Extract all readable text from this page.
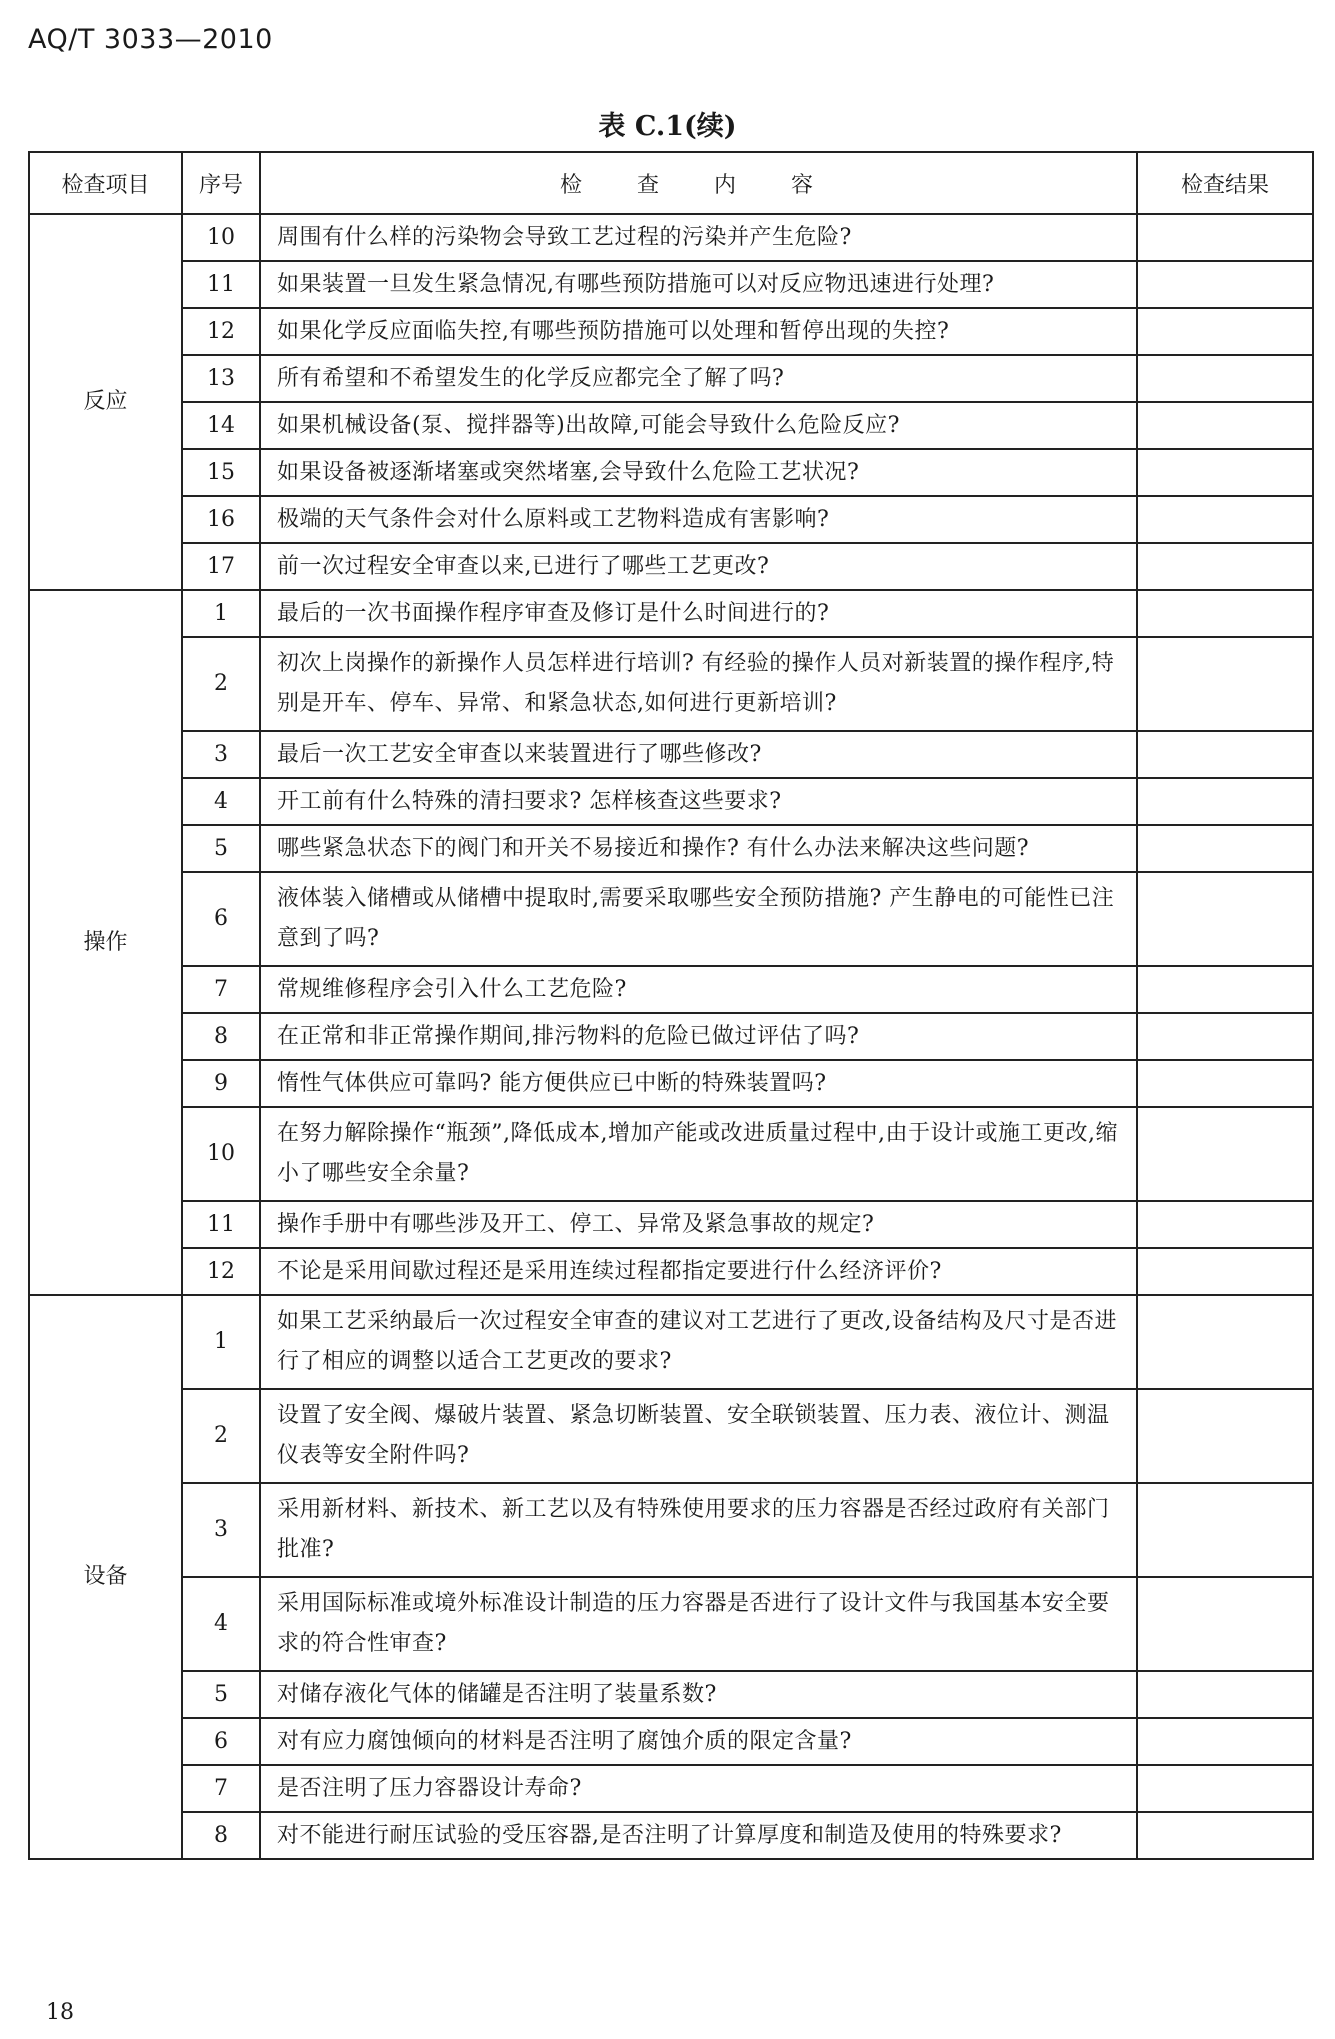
AQ/T 3033—2010
表 C.1(续)
检查项目	序号	检 查 内 容	检查结果
反应	10	周围有什么样的污染物会导致工艺过程的污染并产生危险?	
	11	如果装置一旦发生紧急情况,有哪些预防措施可以对反应物迅速进行处理?	
	12	如果化学反应面临失控,有哪些预防措施可以处理和暂停出现的失控?	
	13	所有希望和不希望发生的化学反应都完全了解了吗?	
	14	如果机械设备(泵、搅拌器等)出故障,可能会导致什么危险反应?	
	15	如果设备被逐渐堵塞或突然堵塞,会导致什么危险工艺状况?	
	16	极端的天气条件会对什么原料或工艺物料造成有害影响?	
	17	前一次过程安全审查以来,已进行了哪些工艺更改?	
操作	1	最后的一次书面操作程序审查及修订是什么时间进行的?	
	2	初次上岗操作的新操作人员怎样进行培训? 有经验的操作人员对新装置的操作程序,特别是开车、停车、异常、和紧急状态,如何进行更新培训?	
	3	最后一次工艺安全审查以来装置进行了哪些修改?	
	4	开工前有什么特殊的清扫要求? 怎样核查这些要求?	
	5	哪些紧急状态下的阀门和开关不易接近和操作? 有什么办法来解决这些问题?	
	6	液体装入储槽或从储槽中提取时,需要采取哪些安全预防措施? 产生静电的可能性已注意到了吗?	
	7	常规维修程序会引入什么工艺危险?	
	8	在正常和非正常操作期间,排污物料的危险已做过评估了吗?	
	9	惰性气体供应可靠吗? 能方便供应已中断的特殊装置吗?	
	10	在努力解除操作“瓶颈”,降低成本,增加产能或改进质量过程中,由于设计或施工更改,缩小了哪些安全余量?	
	11	操作手册中有哪些涉及开工、停工、异常及紧急事故的规定?	
	12	不论是采用间歇过程还是采用连续过程都指定要进行什么经济评价?	
设备	1	如果工艺采纳最后一次过程安全审查的建议对工艺进行了更改,设备结构及尺寸是否进行了相应的调整以适合工艺更改的要求?	
	2	设置了安全阀、爆破片装置、紧急切断装置、安全联锁装置、压力表、液位计、测温仪表等安全附件吗?	
	3	采用新材料、新技术、新工艺以及有特殊使用要求的压力容器是否经过政府有关部门批准?	
	4	采用国际标准或境外标准设计制造的压力容器是否进行了设计文件与我国基本安全要求的符合性审查?	
	5	对储存液化气体的储罐是否注明了装量系数?	
	6	对有应力腐蚀倾向的材料是否注明了腐蚀介质的限定含量?	
	7	是否注明了压力容器设计寿命?	
	8	对不能进行耐压试验的受压容器,是否注明了计算厚度和制造及使用的特殊要求?	
18
